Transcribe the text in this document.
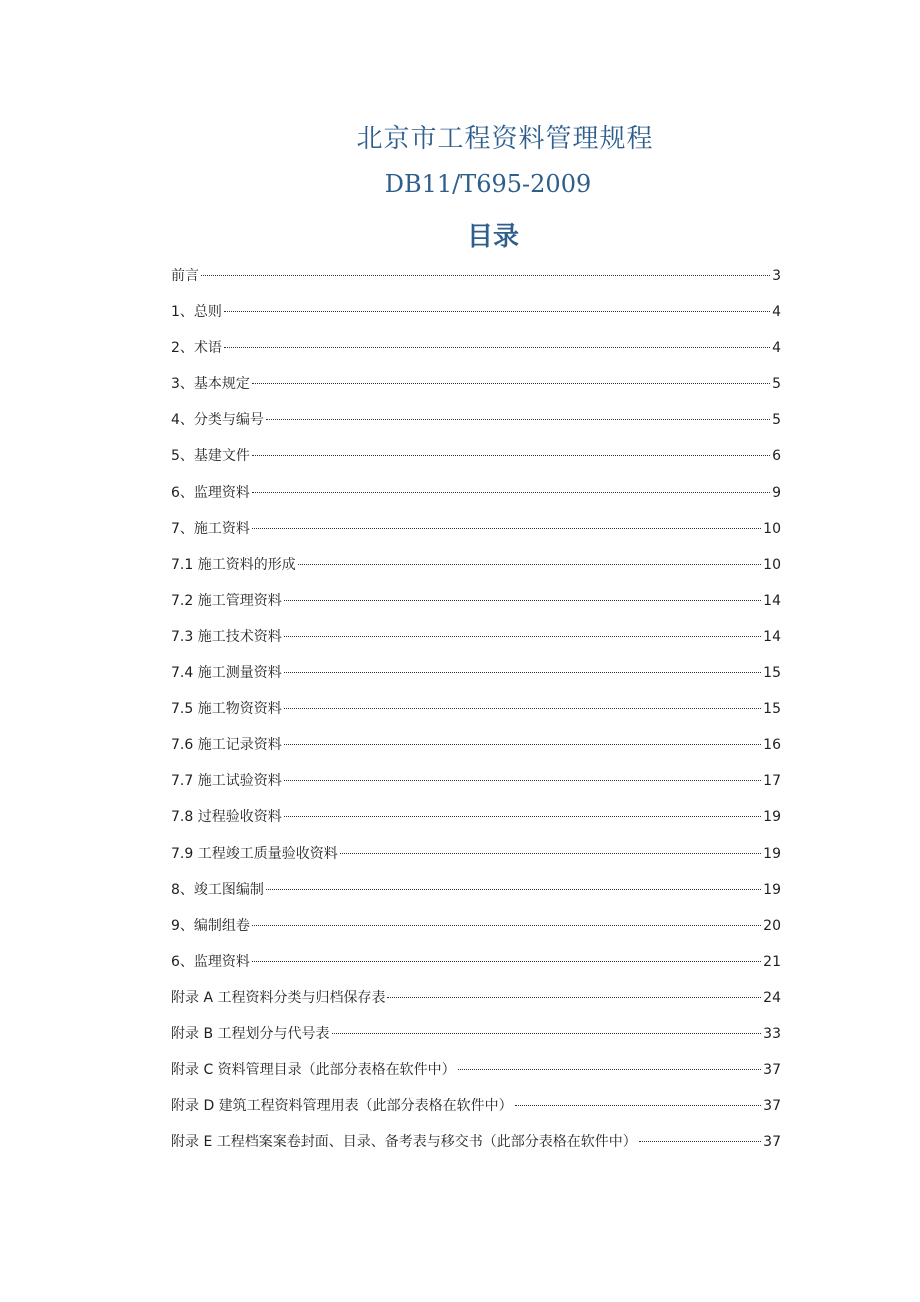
北京市工程资料管理规程
DB11/T695-2009
目录
前言	3
1、总则	4
2、术语	4
3、基本规定	5
4、分类与编号	5
5、基建文件	6
6、监理资料	9
7、施工资料	10
7.1 施工资料的形成	10
7.2 施工管理资料	14
7.3 施工技术资料	14
7.4 施工测量资料	15
7.5 施工物资资料	15
7.6 施工记录资料	16
7.7 施工试验资料	17
7.8 过程验收资料	19
7.9 工程竣工质量验收资料	19
8、竣工图编制	19
9、编制组卷	20
6、监理资料	21
附录 A 工程资料分类与归档保存表	24
附录 B 工程划分与代号表	33
附录 C 资料管理目录（此部分表格在软件中）	37
附录 D 建筑工程资料管理用表（此部分表格在软件中）	37
附录 E 工程档案案卷封面、目录、备考表与移交书（此部分表格在软件中）	37
